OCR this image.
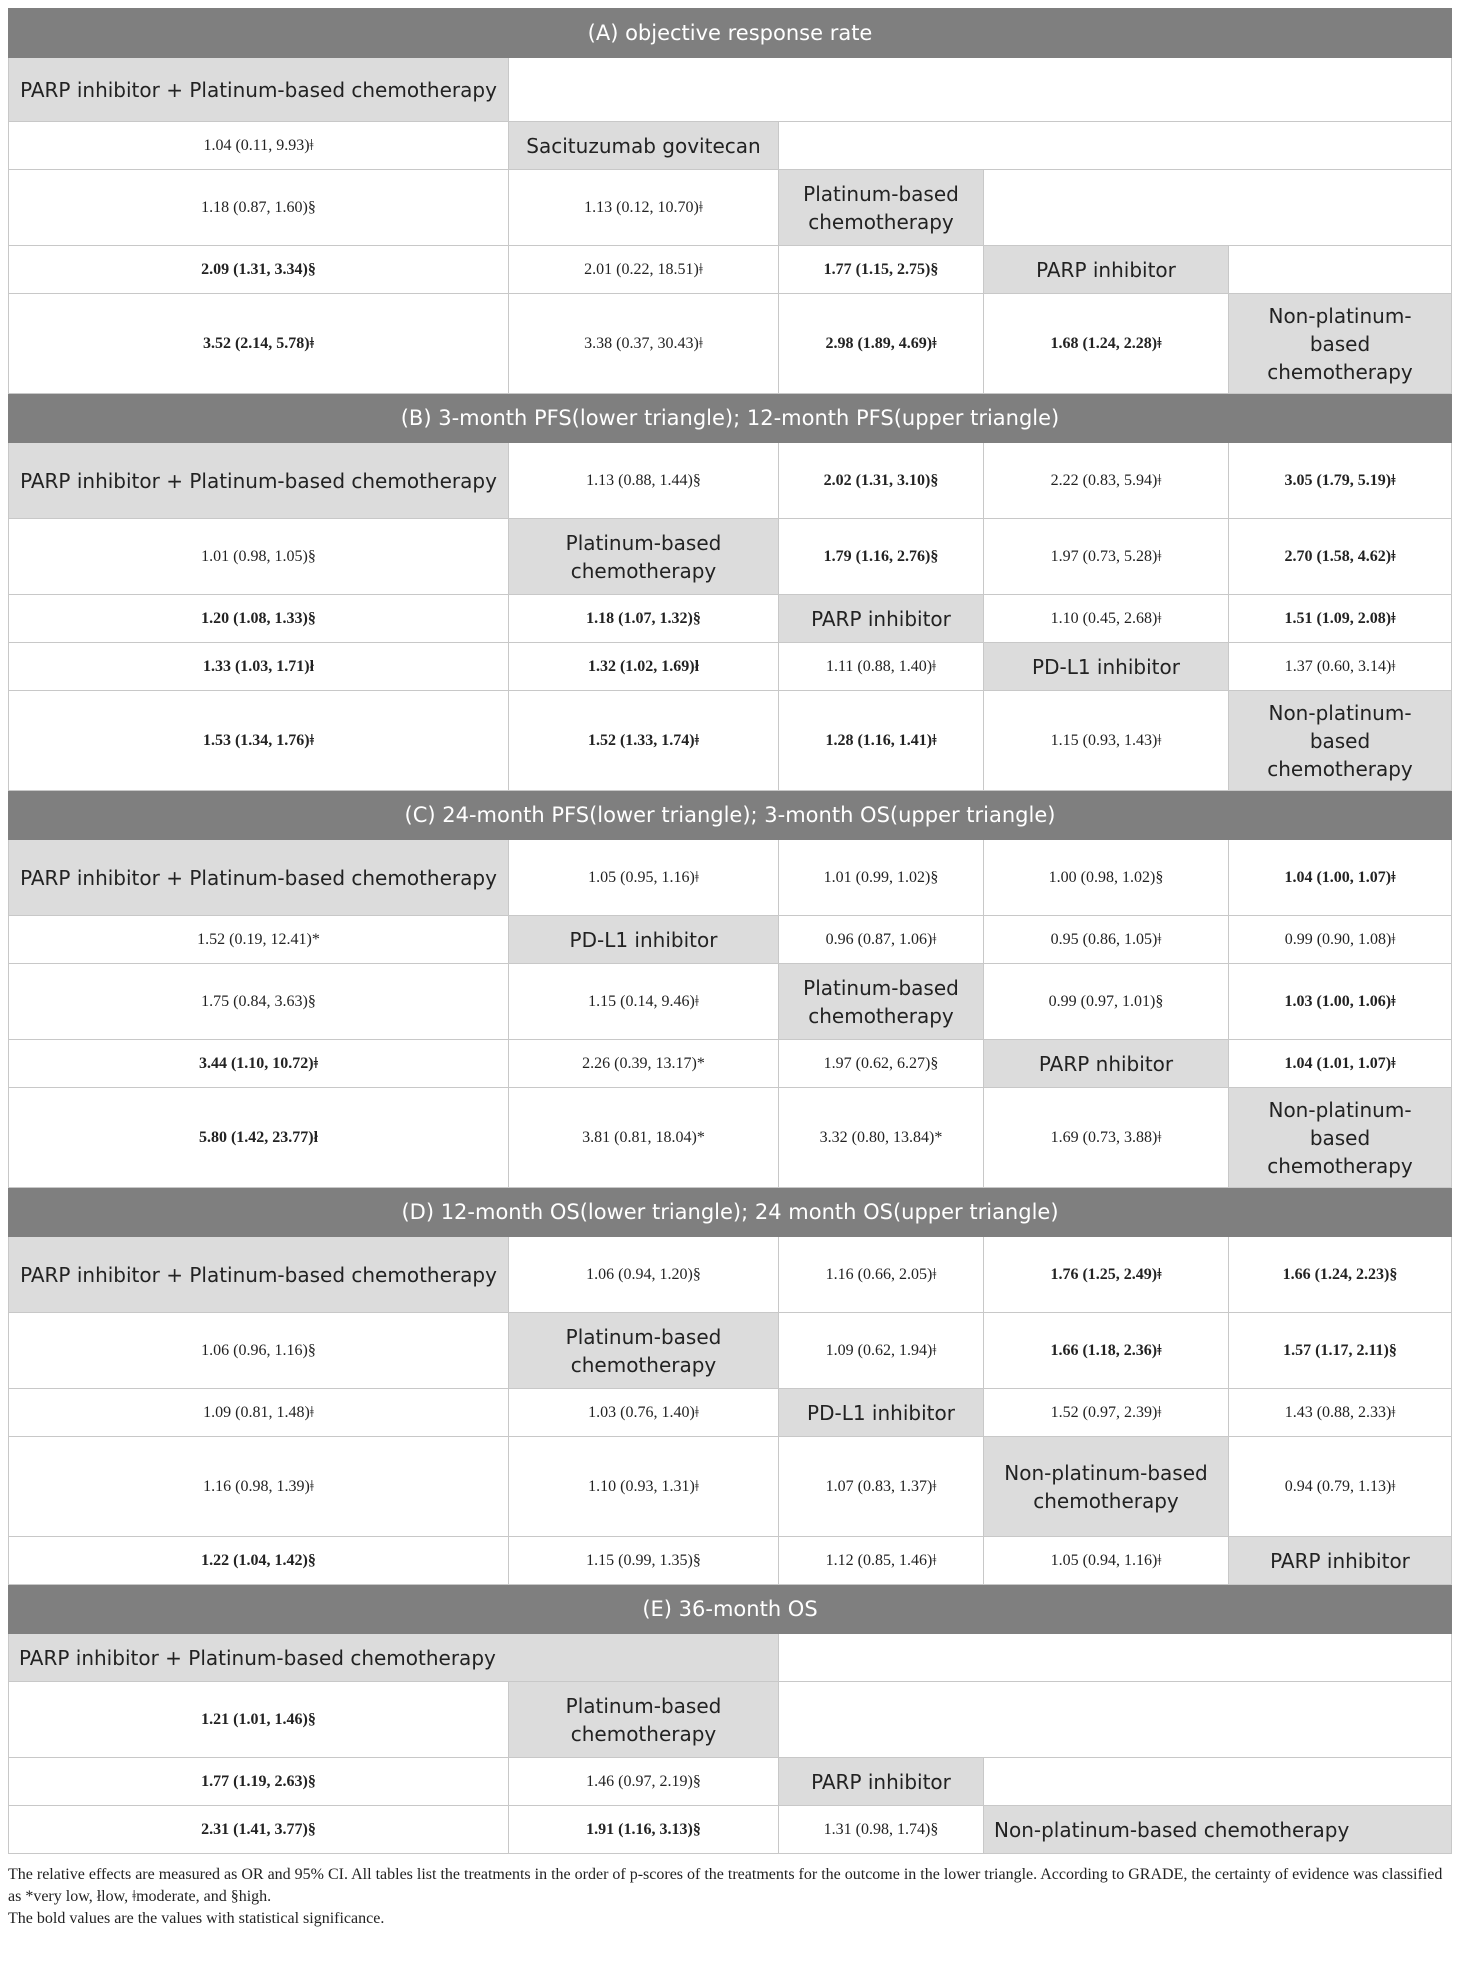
(A) objective response rate				
PARP inhibitor + Platinum-based chemotherapy				
1.04 (0.11, 9.93)ǂ	Sacituzumab govitecan			
1.18 (0.87, 1.60)§	1.13 (0.12, 10.70)ǂ	Platinum-based chemotherapy		
2.09 (1.31, 3.34)§	2.01 (0.22, 18.51)ǂ	1.77 (1.15, 2.75)§	PARP inhibitor	
3.52 (2.14, 5.78)ǂ	3.38 (0.37, 30.43)ǂ	2.98 (1.89, 4.69)ǂ	1.68 (1.24, 2.28)ǂ	Non-platinum-based chemotherapy
(B) 3-month PFS(lower triangle); 12-month PFS(upper triangle)				
PARP inhibitor + Platinum-based chemotherapy	1.13 (0.88, 1.44)§	2.02 (1.31, 3.10)§	2.22 (0.83, 5.94)ǂ	3.05 (1.79, 5.19)ǂ
1.01 (0.98, 1.05)§	Platinum-based chemotherapy	1.79 (1.16, 2.76)§	1.97 (0.73, 5.28)ǂ	2.70 (1.58, 4.62)ǂ
1.20 (1.08, 1.33)§	1.18 (1.07, 1.32)§	PARP inhibitor	1.10 (0.45, 2.68)ǂ	1.51 (1.09, 2.08)ǂ
1.33 (1.03, 1.71)ł	1.32 (1.02, 1.69)ł	1.11 (0.88, 1.40)ǂ	PD-L1 inhibitor	1.37 (0.60, 3.14)ǂ
1.53 (1.34, 1.76)ǂ	1.52 (1.33, 1.74)ǂ	1.28 (1.16, 1.41)ǂ	1.15 (0.93, 1.43)ǂ	Non-platinum-based chemotherapy
(C) 24-month PFS(lower triangle); 3-month OS(upper triangle)				
PARP inhibitor + Platinum-based chemotherapy	1.05 (0.95, 1.16)ǂ	1.01 (0.99, 1.02)§	1.00 (0.98, 1.02)§	1.04 (1.00, 1.07)ǂ
1.52 (0.19, 12.41)*	PD-L1 inhibitor	0.96 (0.87, 1.06)ǂ	0.95 (0.86, 1.05)ǂ	0.99 (0.90, 1.08)ǂ
1.75 (0.84, 3.63)§	1.15 (0.14, 9.46)ǂ	Platinum-based chemotherapy	0.99 (0.97, 1.01)§	1.03 (1.00, 1.06)ǂ
3.44 (1.10, 10.72)ǂ	2.26 (0.39, 13.17)*	1.97 (0.62, 6.27)§	PARP nhibitor	1.04 (1.01, 1.07)ǂ
5.80 (1.42, 23.77)ł	3.81 (0.81, 18.04)*	3.32 (0.80, 13.84)*	1.69 (0.73, 3.88)ǂ	Non-platinum-based chemotherapy
(D) 12-month OS(lower triangle); 24 month OS(upper triangle)				
PARP inhibitor + Platinum-based chemotherapy	1.06 (0.94, 1.20)§	1.16 (0.66, 2.05)ǂ	1.76 (1.25, 2.49)ǂ	1.66 (1.24, 2.23)§
1.06 (0.96, 1.16)§	Platinum-based chemotherapy	1.09 (0.62, 1.94)ǂ	1.66 (1.18, 2.36)ǂ	1.57 (1.17, 2.11)§
1.09 (0.81, 1.48)ǂ	1.03 (0.76, 1.40)ǂ	PD-L1 inhibitor	1.52 (0.97, 2.39)ǂ	1.43 (0.88, 2.33)ǂ
1.16 (0.98, 1.39)ǂ	1.10 (0.93, 1.31)ǂ	1.07 (0.83, 1.37)ǂ	Non-platinum-based chemotherapy	0.94 (0.79, 1.13)ǂ
1.22 (1.04, 1.42)§	1.15 (0.99, 1.35)§	1.12 (0.85, 1.46)ǂ	1.05 (0.94, 1.16)ǂ	PARP inhibitor
(E) 36-month OS				
PARP inhibitor + Platinum-based chemotherapy				
1.21 (1.01, 1.46)§	Platinum-based chemotherapy			
1.77 (1.19, 2.63)§	1.46 (0.97, 2.19)§	PARP inhibitor		
2.31 (1.41, 3.77)§	1.91 (1.16, 3.13)§	1.31 (0.98, 1.74)§	Non-platinum-based chemotherapy	
The relative effects are measured as OR and 95% CI. All tables list the treatments in the order of p-scores of the treatments for the outcome in the lower triangle. According to GRADE, the certainty of evidence was classified as *very low, łlow, ǂmoderate, and §high.
The bold values are the values with statistical significance.
